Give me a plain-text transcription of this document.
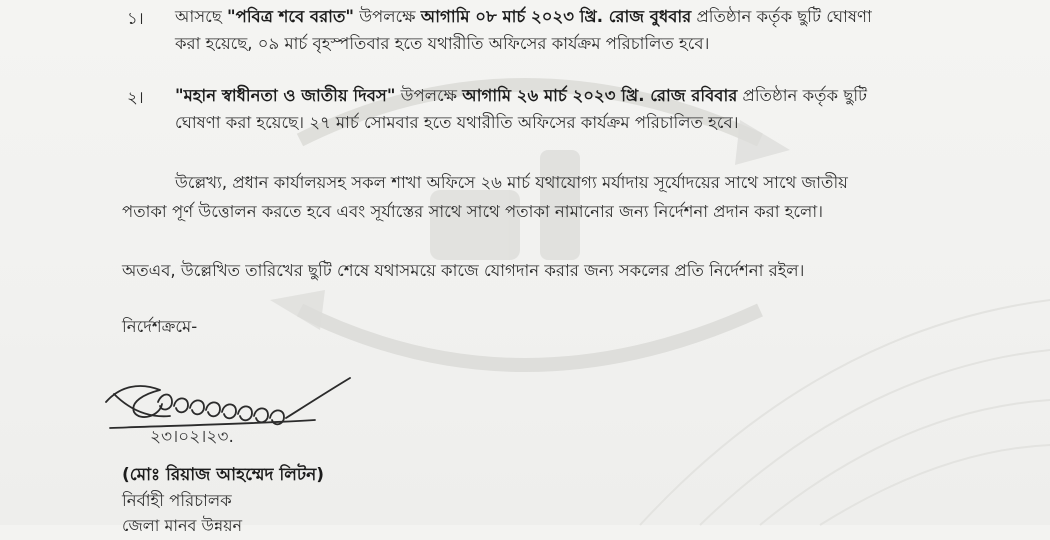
১। আসছে "পবিত্র শবে বরাত" উপলক্ষে আগামি ০৮ মার্চ ২০২৩ খ্রি. রোজ বুধবার প্রতিষ্ঠান কর্তৃক ছুটি ঘোষণা
করা হয়েছে, ০৯ মার্চ বৃহস্পতিবার হতে যথারীতি অফিসের কার্যক্রম পরিচালিত হবে।
২। "মহান স্বাধীনতা ও জাতীয় দিবস" উপলক্ষে আগামি ২৬ মার্চ ২০২৩ খ্রি. রোজ রবিবার প্রতিষ্ঠান কর্তৃক ছুটি
ঘোষণা করা হয়েছে। ২৭ মার্চ সোমবার হতে যথারীতি অফিসের কার্যক্রম পরিচালিত হবে।
উল্লেখ্য, প্রধান কার্যালয়সহ সকল শাখা অফিসে ২৬ মার্চ যথাযোগ্য মর্যাদায় সূর্যোদয়ের সাথে সাথে জাতীয়
পতাকা পূর্ণ উত্তোলন করতে হবে এবং সূর্যাস্তের সাথে সাথে পতাকা নামানোর জন্য নির্দেশনা প্রদান করা হলো।
অতএব, উল্লেখিত তারিখের ছুটি শেষে যথাসময়ে কাজে যোগদান করার জন্য সকলের প্রতি নির্দেশনা রইল।
নির্দেশক্রমে-
২৩।০২।২৩.
(মোঃ রিয়াজ আহম্মেদ লিটন)
নির্বাহী পরিচালক
জেলা মানব উন্নয়ন
